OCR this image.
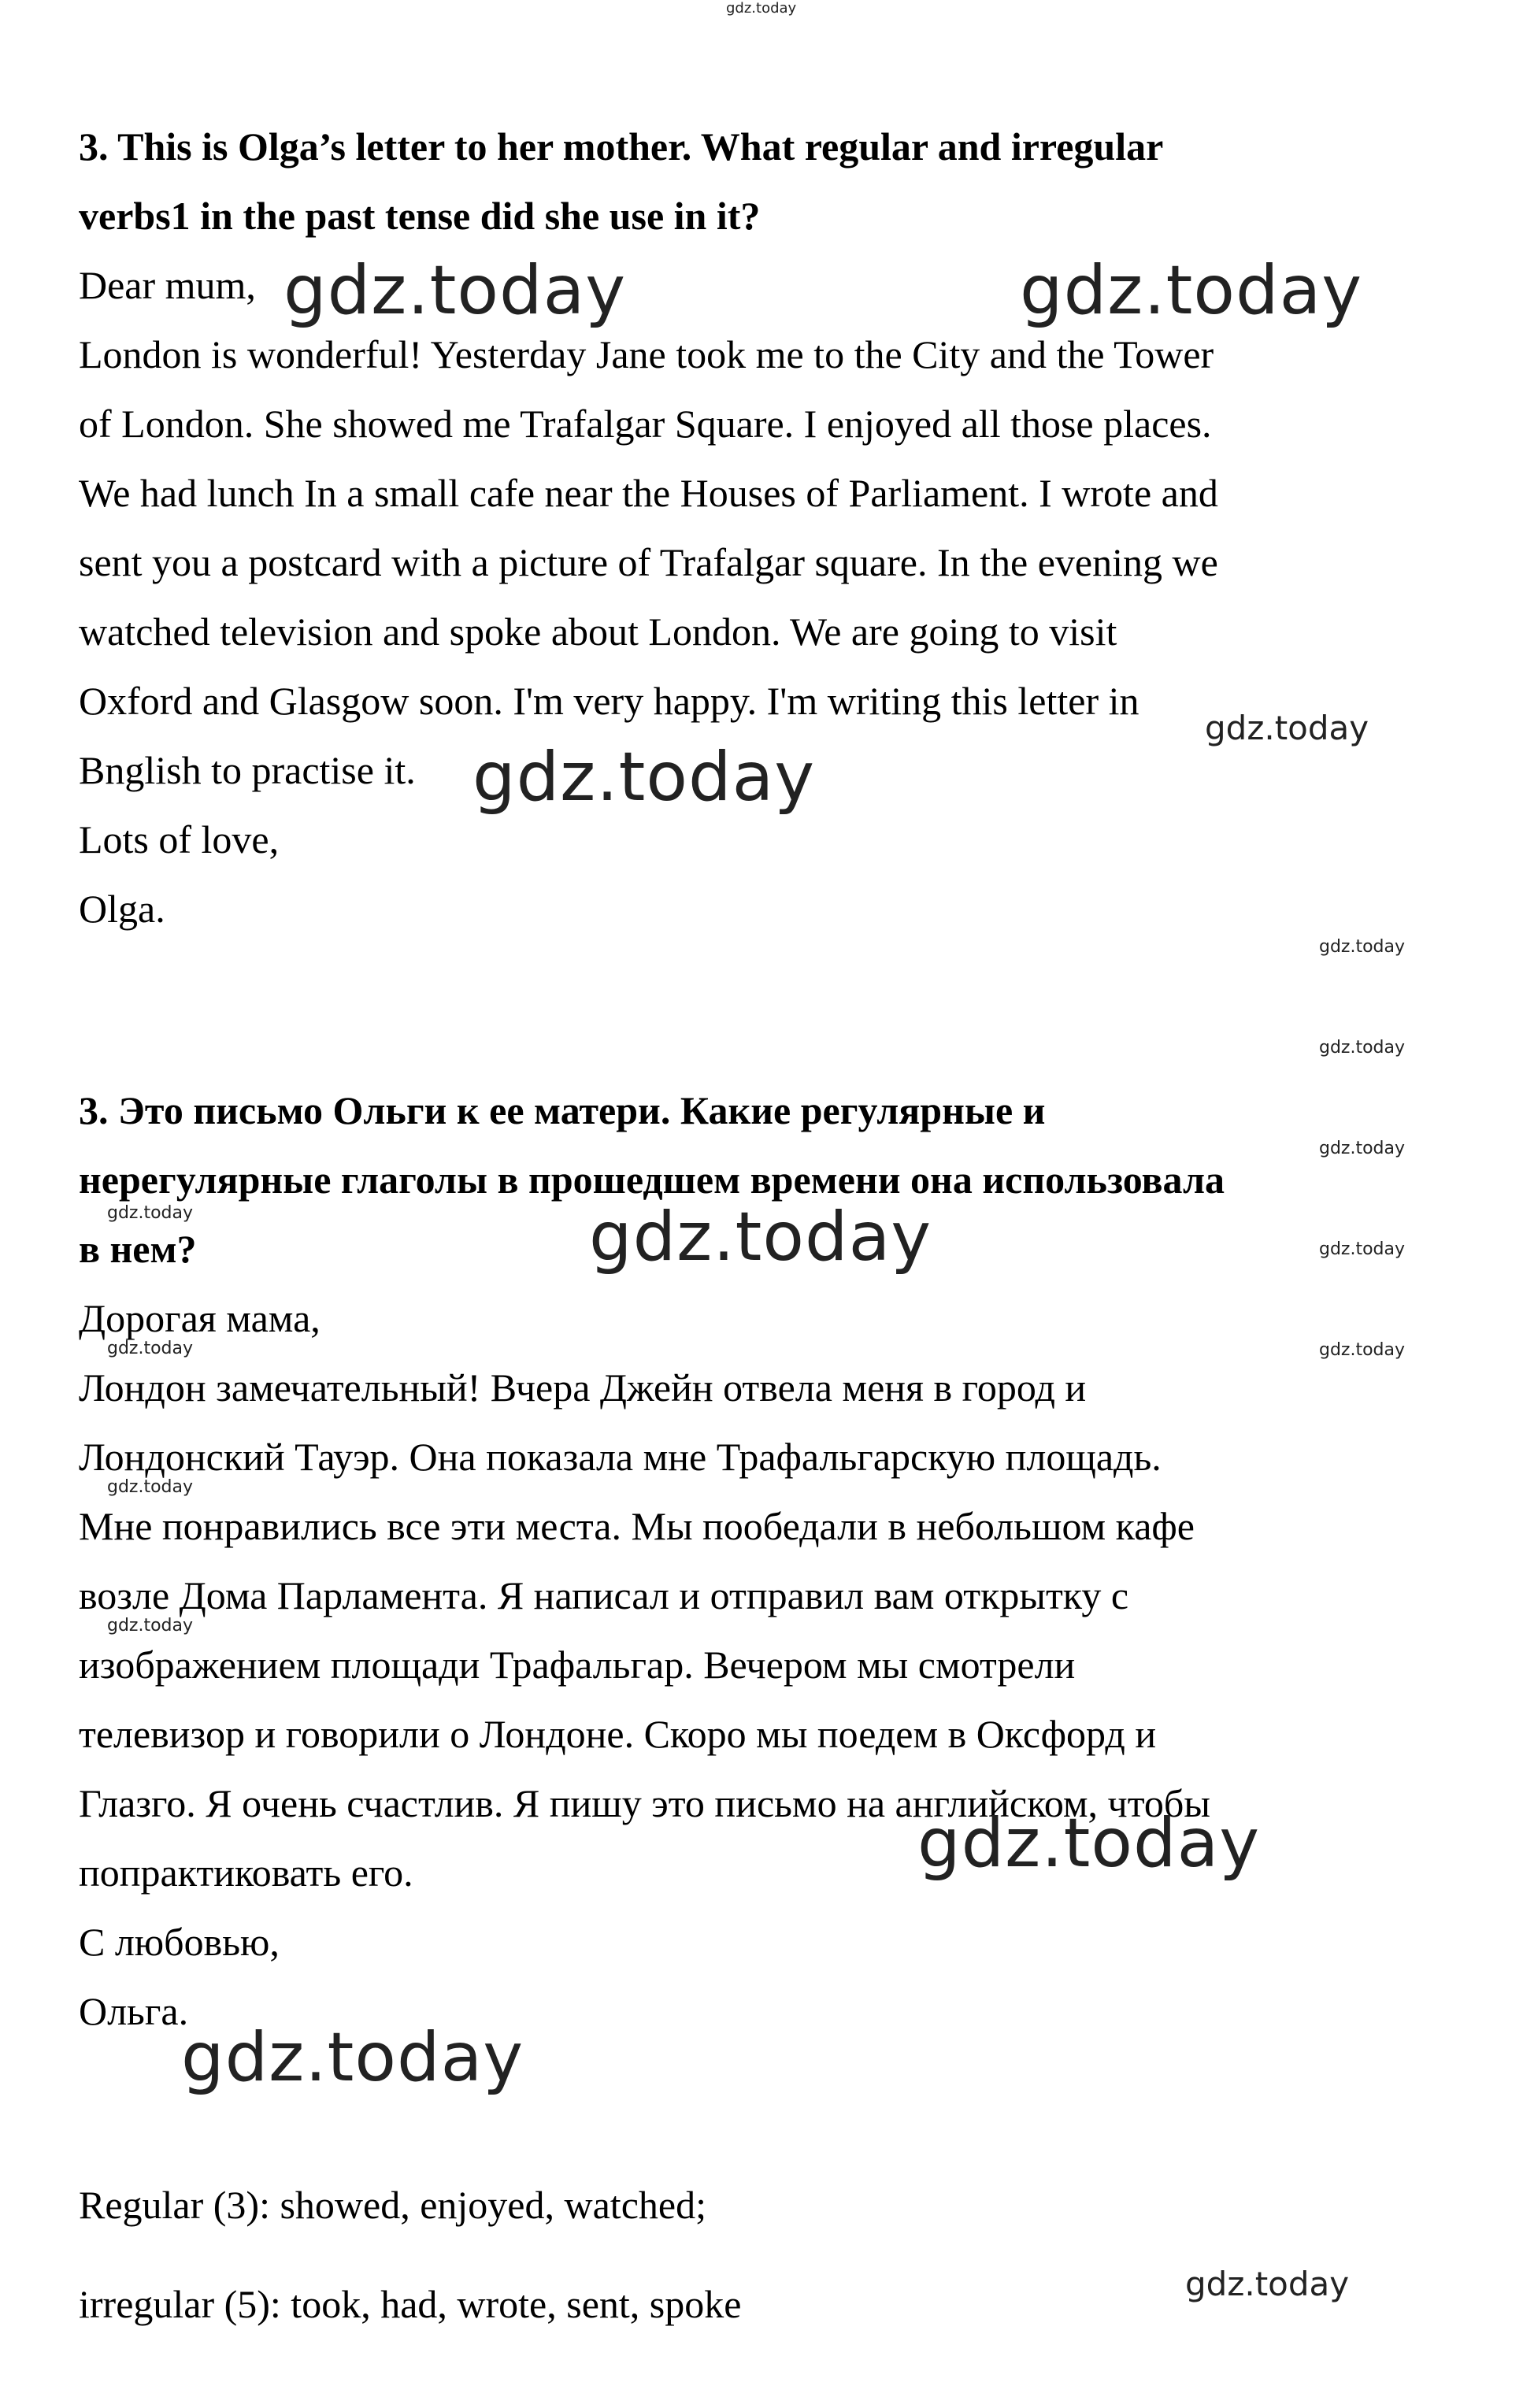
3. This is Olga’s letter to her mother. What regular and irregular

verbs1 in the past tense did she use in it?

Dear mum,

London is wonderful! Yesterday Jane took me to the City and the Tower

of London. She showed me Trafalgar Square. I enjoyed all those places.

We had lunch In a small cafe near the Houses of Parliament. I wrote and

sent you a postcard with a picture of Trafalgar square. In the evening we

watched television and spoke about London. We are going to visit

Oxford and Glasgow soon. I'm very happy. I'm writing this letter in

Bnglish to practise it.

Lots of love,

Olga.

3. Это письмо Ольги к ее матери. Какие регулярные и

нерегулярные глаголы в прошедшем времени она использовала

в нем?

Дорогая мама,

Лондон замечательный! Вчера Джейн отвела меня в город и

Лондонский Тауэр. Она показала мне Трафальгарскую площадь.

Мне понравились все эти места. Мы пообедали в небольшом кафе

возле Дома Парламента. Я написал и отправил вам открытку с

изображением площади Трафальгар. Вечером мы смотрели

телевизор и говорили о Лондоне. Скоро мы поедем в Оксфорд и

Глазго. Я очень счастлив. Я пишу это письмо на английском, чтобы

попрактиковать его.

С любовью,

Ольга.

Regular (3): showed, enjoyed, watched;

irregular (5): took, had, wrote, sent, spoke

gdz.today
gdz.today	gdz.today
gdz.today
gdz.today
gdz.today
gdz.today
gdz.today
gdz.today	gdz.today	gdz.today
gdz.today	gdz.today
gdz.today
gdz.today
gdz.today
gdz.today
gdz.today
